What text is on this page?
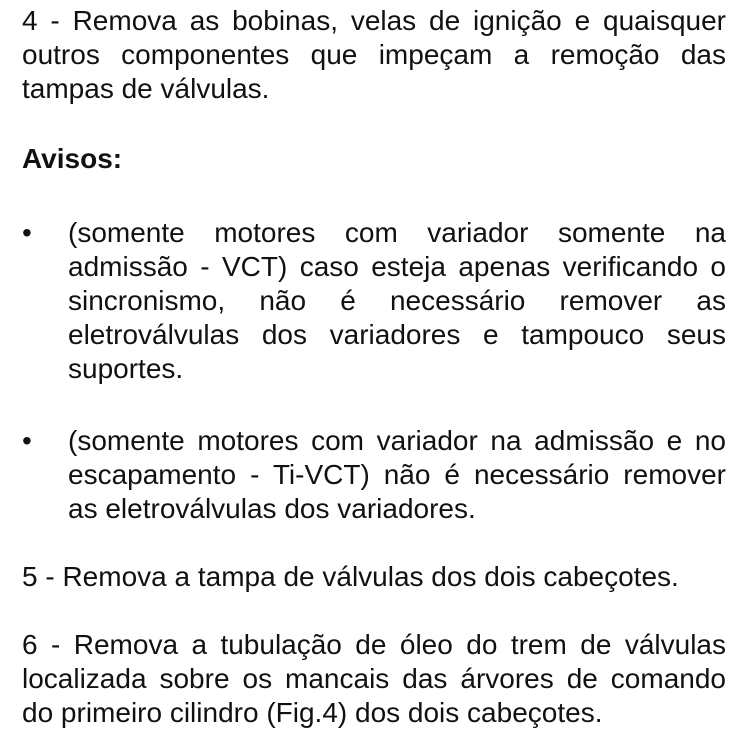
4 - Remova as bobinas, velas de ignição e quaisquer outros componentes que impeçam a remoção das tampas de válvulas.

Avisos:

•	(somente motores com variador somente na admissão - VCT) caso esteja apenas verificando o sincronismo, não é necessário remover as eletroválvulas dos variadores e tampouco seus suportes.
•	(somente motores com variador na admissão e no escapamento - Ti-VCT) não é necessário remover as eletroválvulas dos variadores.

5 - Remova a tampa de válvulas dos dois cabeçotes.

6 - Remova a tubulação de óleo do trem de válvulas localizada sobre os mancais das árvores de comando do primeiro cilindro (Fig.4) dos dois cabeçotes.
